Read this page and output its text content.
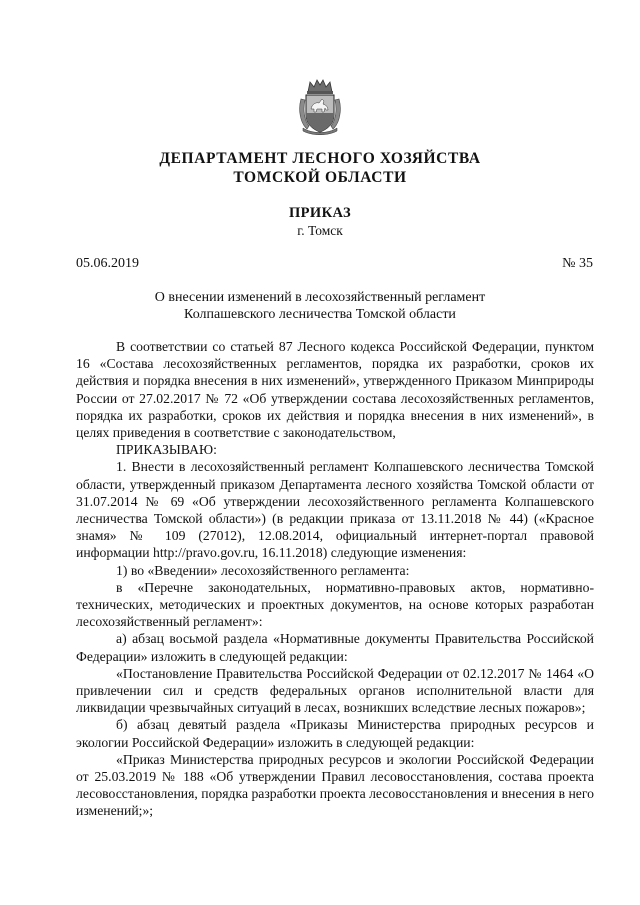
ДЕПАРТАМЕНТ ЛЕСНОГО ХОЗЯЙСТВА
ТОМСКОЙ ОБЛАСТИ
ПРИКАЗ
г. Томск
05.06.2019	№ 35
О внесении изменений в лесохозяйственный регламент
Колпашевского лесничества Томской области

В соответствии со статьей 87 Лесного кодекса Российской Федерации, пунктом 16 «Состава лесохозяйственных регламентов, порядка их разработки, сроков их действия и порядка внесения в них изменений», утвержденного Приказом Минприроды России от 27.02.2017 № 72 «Об утверждении состава лесохозяйственных регламентов, порядка их разработки, сроков их действия и порядка внесения в них изменений», в целях приведения в соответствие с законодательством,

ПРИКАЗЫВАЮ:

1. Внести в лесохозяйственный регламент Колпашевского лесничества Томской области, утвержденный приказом Департамента лесного хозяйства Томской области от 31.07.2014 № 69 «Об утверждении лесохозяйственного регламента Колпашевского лесничества Томской области») (в редакции приказа от 13.11.2018 № 44) («Красное знамя» № 109 (27012), 12.08.2014, официальный интернет-портал правовой информации http://pravo.gov.ru, 16.11.2018) следующие изменения:

1) во «Введении» лесохозяйственного регламента:

в «Перечне законодательных, нормативно-правовых актов, нормативно-технических, методических и проектных документов, на основе которых разработан лесохозяйственный регламент»:

а) абзац восьмой раздела «Нормативные документы Правительства Российской Федерации» изложить в следующей редакции:

«Постановление Правительства Российской Федерации от 02.12.2017 № 1464 «О привлечении сил и средств федеральных органов исполнительной власти для ликвидации чрезвычайных ситуаций в лесах, возникших вследствие лесных пожаров»;

б) абзац девятый раздела «Приказы Министерства природных ресурсов и экологии Российской Федерации» изложить в следующей редакции:

«Приказ Министерства природных ресурсов и экологии Российской Федерации от 25.03.2019 № 188 «Об утверждении Правил лесовосстановления, состава проекта лесовосстановления, порядка разработки проекта лесовосстановления и внесения в него изменений;»;
